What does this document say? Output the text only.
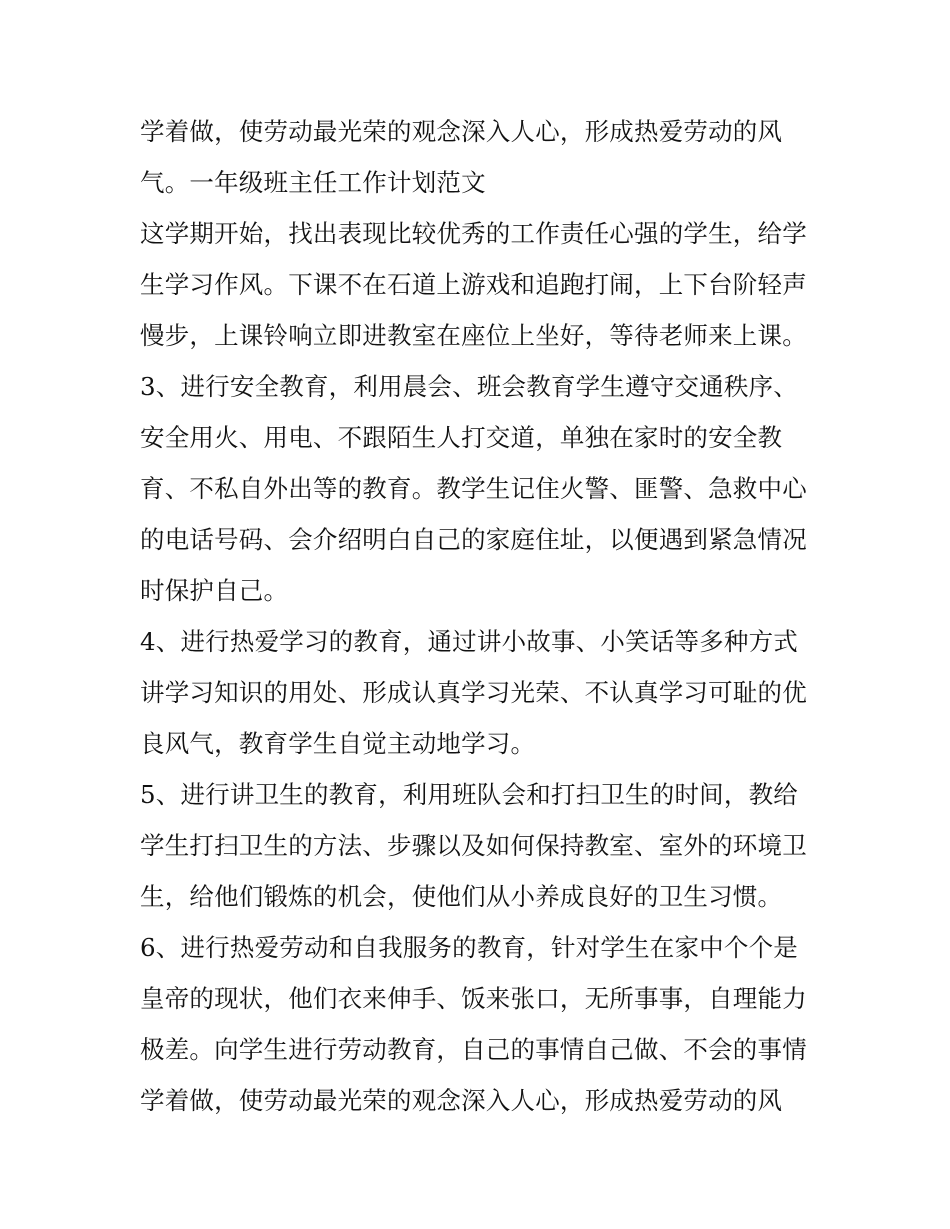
学着做，使劳动最光荣的观念深入人心，形成热爱劳动的风
气。一年级班主任工作计划范文
这学期开始，找出表现比较优秀的工作责任心强的学生，给学
生学习作风。下课不在石道上游戏和追跑打闹，上下台阶轻声
慢步，上课铃响立即进教室在座位上坐好，等待老师来上课。
3、进行安全教育，利用晨会、班会教育学生遵守交通秩序、
安全用火、用电、不跟陌生人打交道，单独在家时的安全教
育、不私自外出等的教育。教学生记住火警、匪警、急救中心
的电话号码、会介绍明白自己的家庭住址，以便遇到紧急情况
时保护自己。
4、进行热爱学习的教育，通过讲小故事、小笑话等多种方式
讲学习知识的用处、形成认真学习光荣、不认真学习可耻的优
良风气，教育学生自觉主动地学习。
5、进行讲卫生的教育，利用班队会和打扫卫生的时间，教给
学生打扫卫生的方法、步骤以及如何保持教室、室外的环境卫
生，给他们锻炼的机会，使他们从小养成良好的卫生习惯。
6、进行热爱劳动和自我服务的教育，针对学生在家中个个是
皇帝的现状，他们衣来伸手、饭来张口，无所事事，自理能力
极差。向学生进行劳动教育，自己的事情自己做、不会的事情
学着做，使劳动最光荣的观念深入人心，形成热爱劳动的风
